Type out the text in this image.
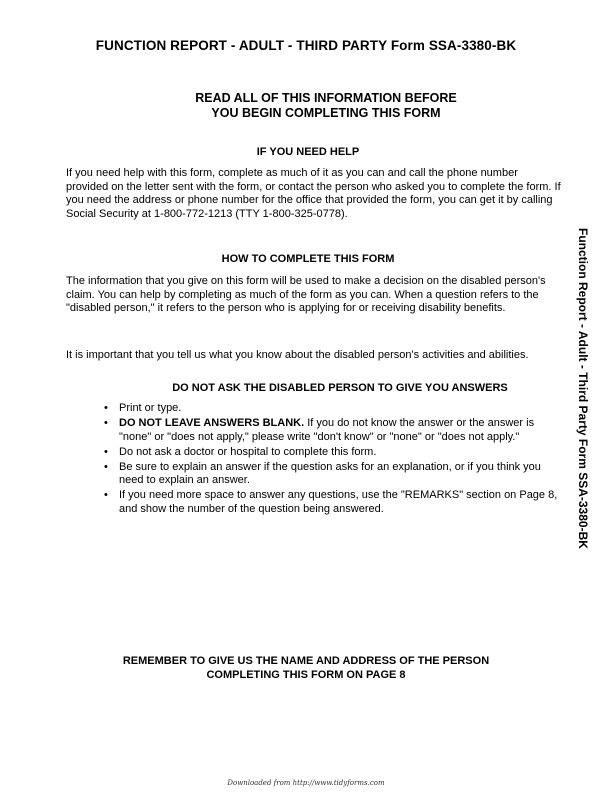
FUNCTION REPORT - ADULT - THIRD PARTY Form SSA-3380-BK
READ ALL OF THIS INFORMATION BEFORE
YOU BEGIN COMPLETING THIS FORM
IF YOU NEED HELP
If you need help with this form, complete as much of it as you can and call the phone number provided on the letter sent with the form, or contact the person who asked you to complete the form. If you need the address or phone number for the office that provided the form, you can get it by calling Social Security at 1-800-772-1213 (TTY 1-800-325-0778).
HOW TO COMPLETE THIS FORM
The information that you give on this form will be used to make a decision on the disabled person's claim. You can help by completing as much of the form as you can. When a question refers to the "disabled person," it refers to the person who is applying for or receiving disability benefits.
It is important that you tell us what you know about the disabled person's activities and abilities.
DO NOT ASK THE DISABLED PERSON TO GIVE YOU ANSWERS
• Print or type.
• DO NOT LEAVE ANSWERS BLANK. If you do not know the answer or the answer is "none" or "does not apply," please write "don't know" or "none" or "does not apply."
• Do not ask a doctor or hospital to complete this form.
• Be sure to explain an answer if the question asks for an explanation, or if you think you need to explain an answer.
• If you need more space to answer any questions, use the "REMARKS" section on Page 8, and show the number of the question being answered.
REMEMBER TO GIVE US THE NAME AND ADDRESS OF THE PERSON
COMPLETING THIS FORM ON PAGE 8
Function Report - Adult - Third Party Form SSA-3380-BK
Downloaded from http://www.tidyforms.com
